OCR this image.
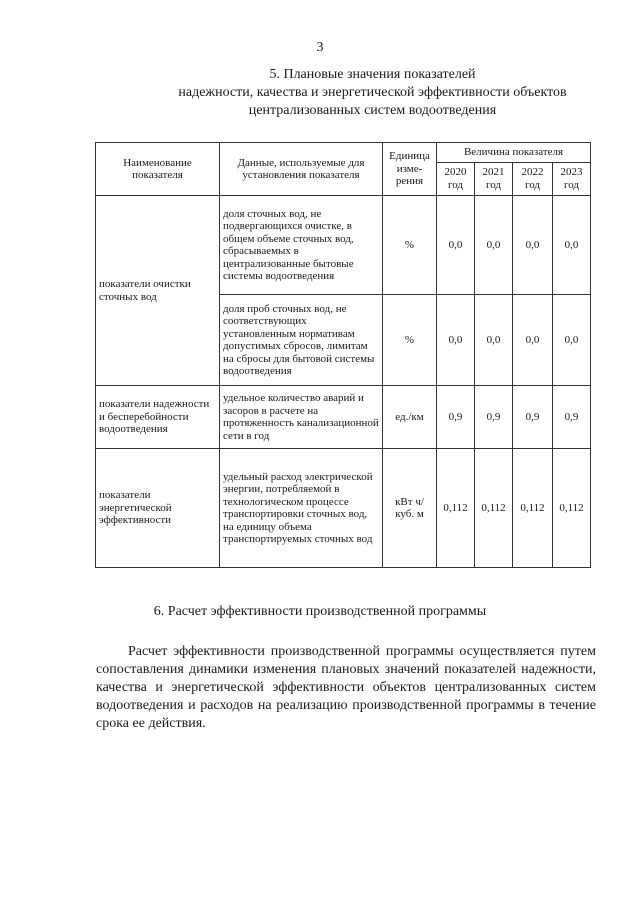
3
5. Плановые значения показателей
надежности, качества и энергетической эффективности объектов
централизованных систем водоотведения
Наименование показателя	Данные, используемые для установления показателя	Единица изме-рения	Величина показателя			
			2020 год	2021 год	2022 год	2023 год
показатели очистки сточных вод	доля сточных вод, не подвергающихся очистке, в общем объеме сточных вод, сбрасываемых в централизованные бытовые системы водоотведения	%	0,0	0,0	0,0	0,0
	доля проб сточных вод, не соответствующих установленным нормативам допустимых сбросов, лимитам на сбросы для бытовой системы водоотведения	%	0,0	0,0	0,0	0,0
показатели надежности и бесперебойности водоотведения	удельное количество аварий и засоров в расчете на протяженность канализационной сети в год	ед./км	0,9	0,9	0,9	0,9
показатели энергетической эффективности	удельный расход электрической энергии, потребляемой в технологическом процессе транспортировки сточных вод, на единицу объема транспортируемых сточных вод	кВт ч/ куб. м	0,112	0,112	0,112	0,112
6. Расчет эффективности производственной программы

Расчет эффективности производственной программы осуществляется путем сопоставления динамики изменения плановых значений показателей надежности, качества и энергетической эффективности объектов централизованных систем водоотведения и расходов на реализацию производственной программы в течение срока ее действия.
